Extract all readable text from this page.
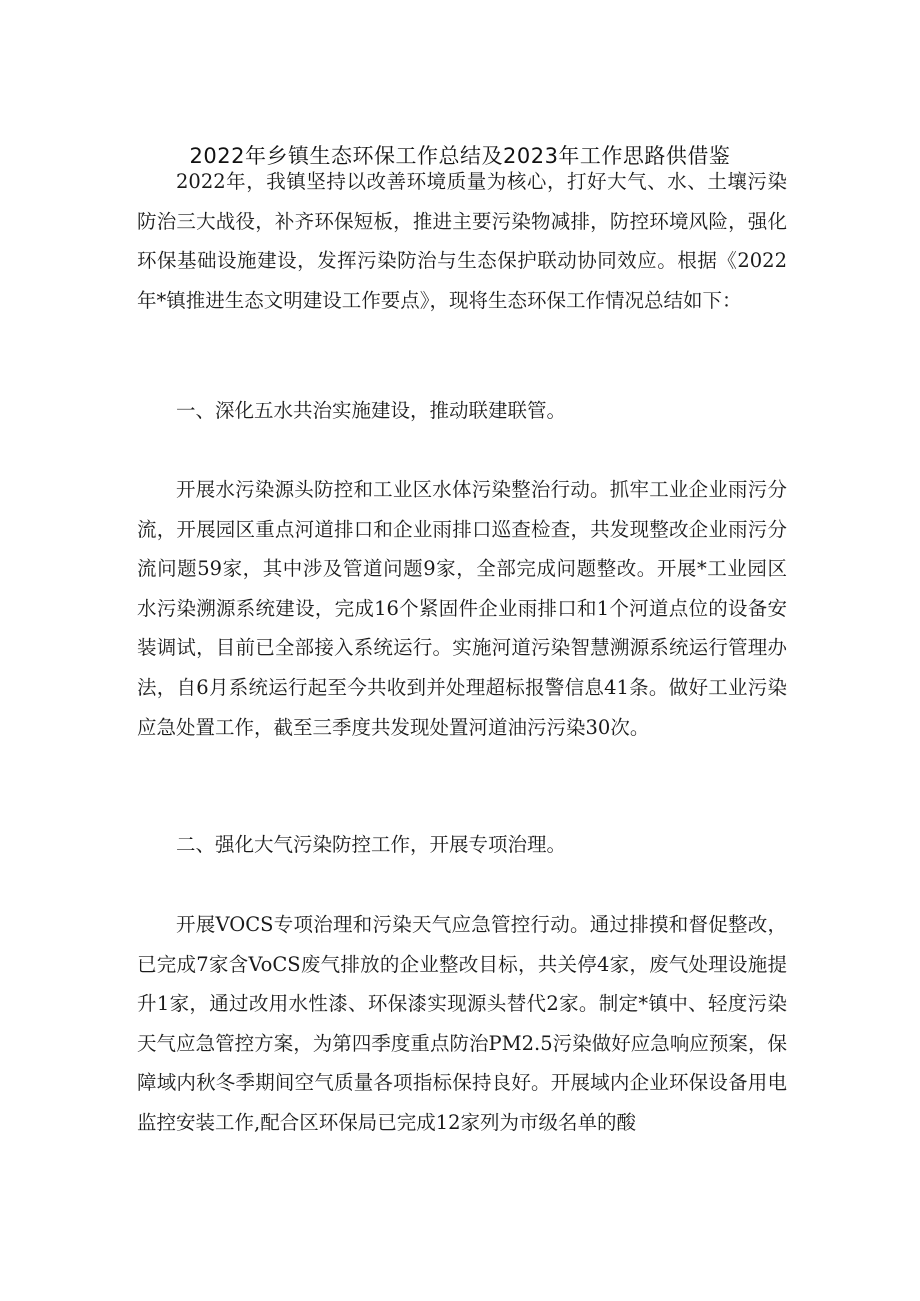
2022年乡镇生态环保工作总结及2023年工作思路供借鉴

2022年，我镇坚持以改善环境质量为核心，打好大气、水、土壤污染防治三大战役，补齐环保短板，推进主要污染物减排，防控环境风险，强化环保基础设施建设，发挥污染防治与生态保护联动协同效应。根据《2022年*镇推进生态文明建设工作要点》，现将生态环保工作情况总结如下：

一、深化五水共治实施建设，推动联建联管。

开展水污染源头防控和工业区水体污染整治行动。抓牢工业企业雨污分流，开展园区重点河道排口和企业雨排口巡查检查，共发现整改企业雨污分流问题59家，其中涉及管道问题9家，全部完成问题整改。开展*工业园区水污染溯源系统建设，完成16个紧固件企业雨排口和1个河道点位的设备安装调试，目前已全部接入系统运行。实施河道污染智慧溯源系统运行管理办法，自6月系统运行起至今共收到并处理超标报警信息41条。做好工业污染应急处置工作，截至三季度共发现处置河道油污污染30次。

二、强化大气污染防控工作，开展专项治理。

开展VOCS专项治理和污染天气应急管控行动。通过排摸和督促整改，已完成7家含VoCS废气排放的企业整改目标，共关停4家，废气处理设施提升1家，通过改用水性漆、环保漆实现源头替代2家。制定*镇中、轻度污染天气应急管控方案，为第四季度重点防治PM2.5污染做好应急响应预案，保障域内秋冬季期间空气质量各项指标保持良好。开展域内企业环保设备用电监控安装工作,配合区环保局已完成12家列为市级名单的酸
